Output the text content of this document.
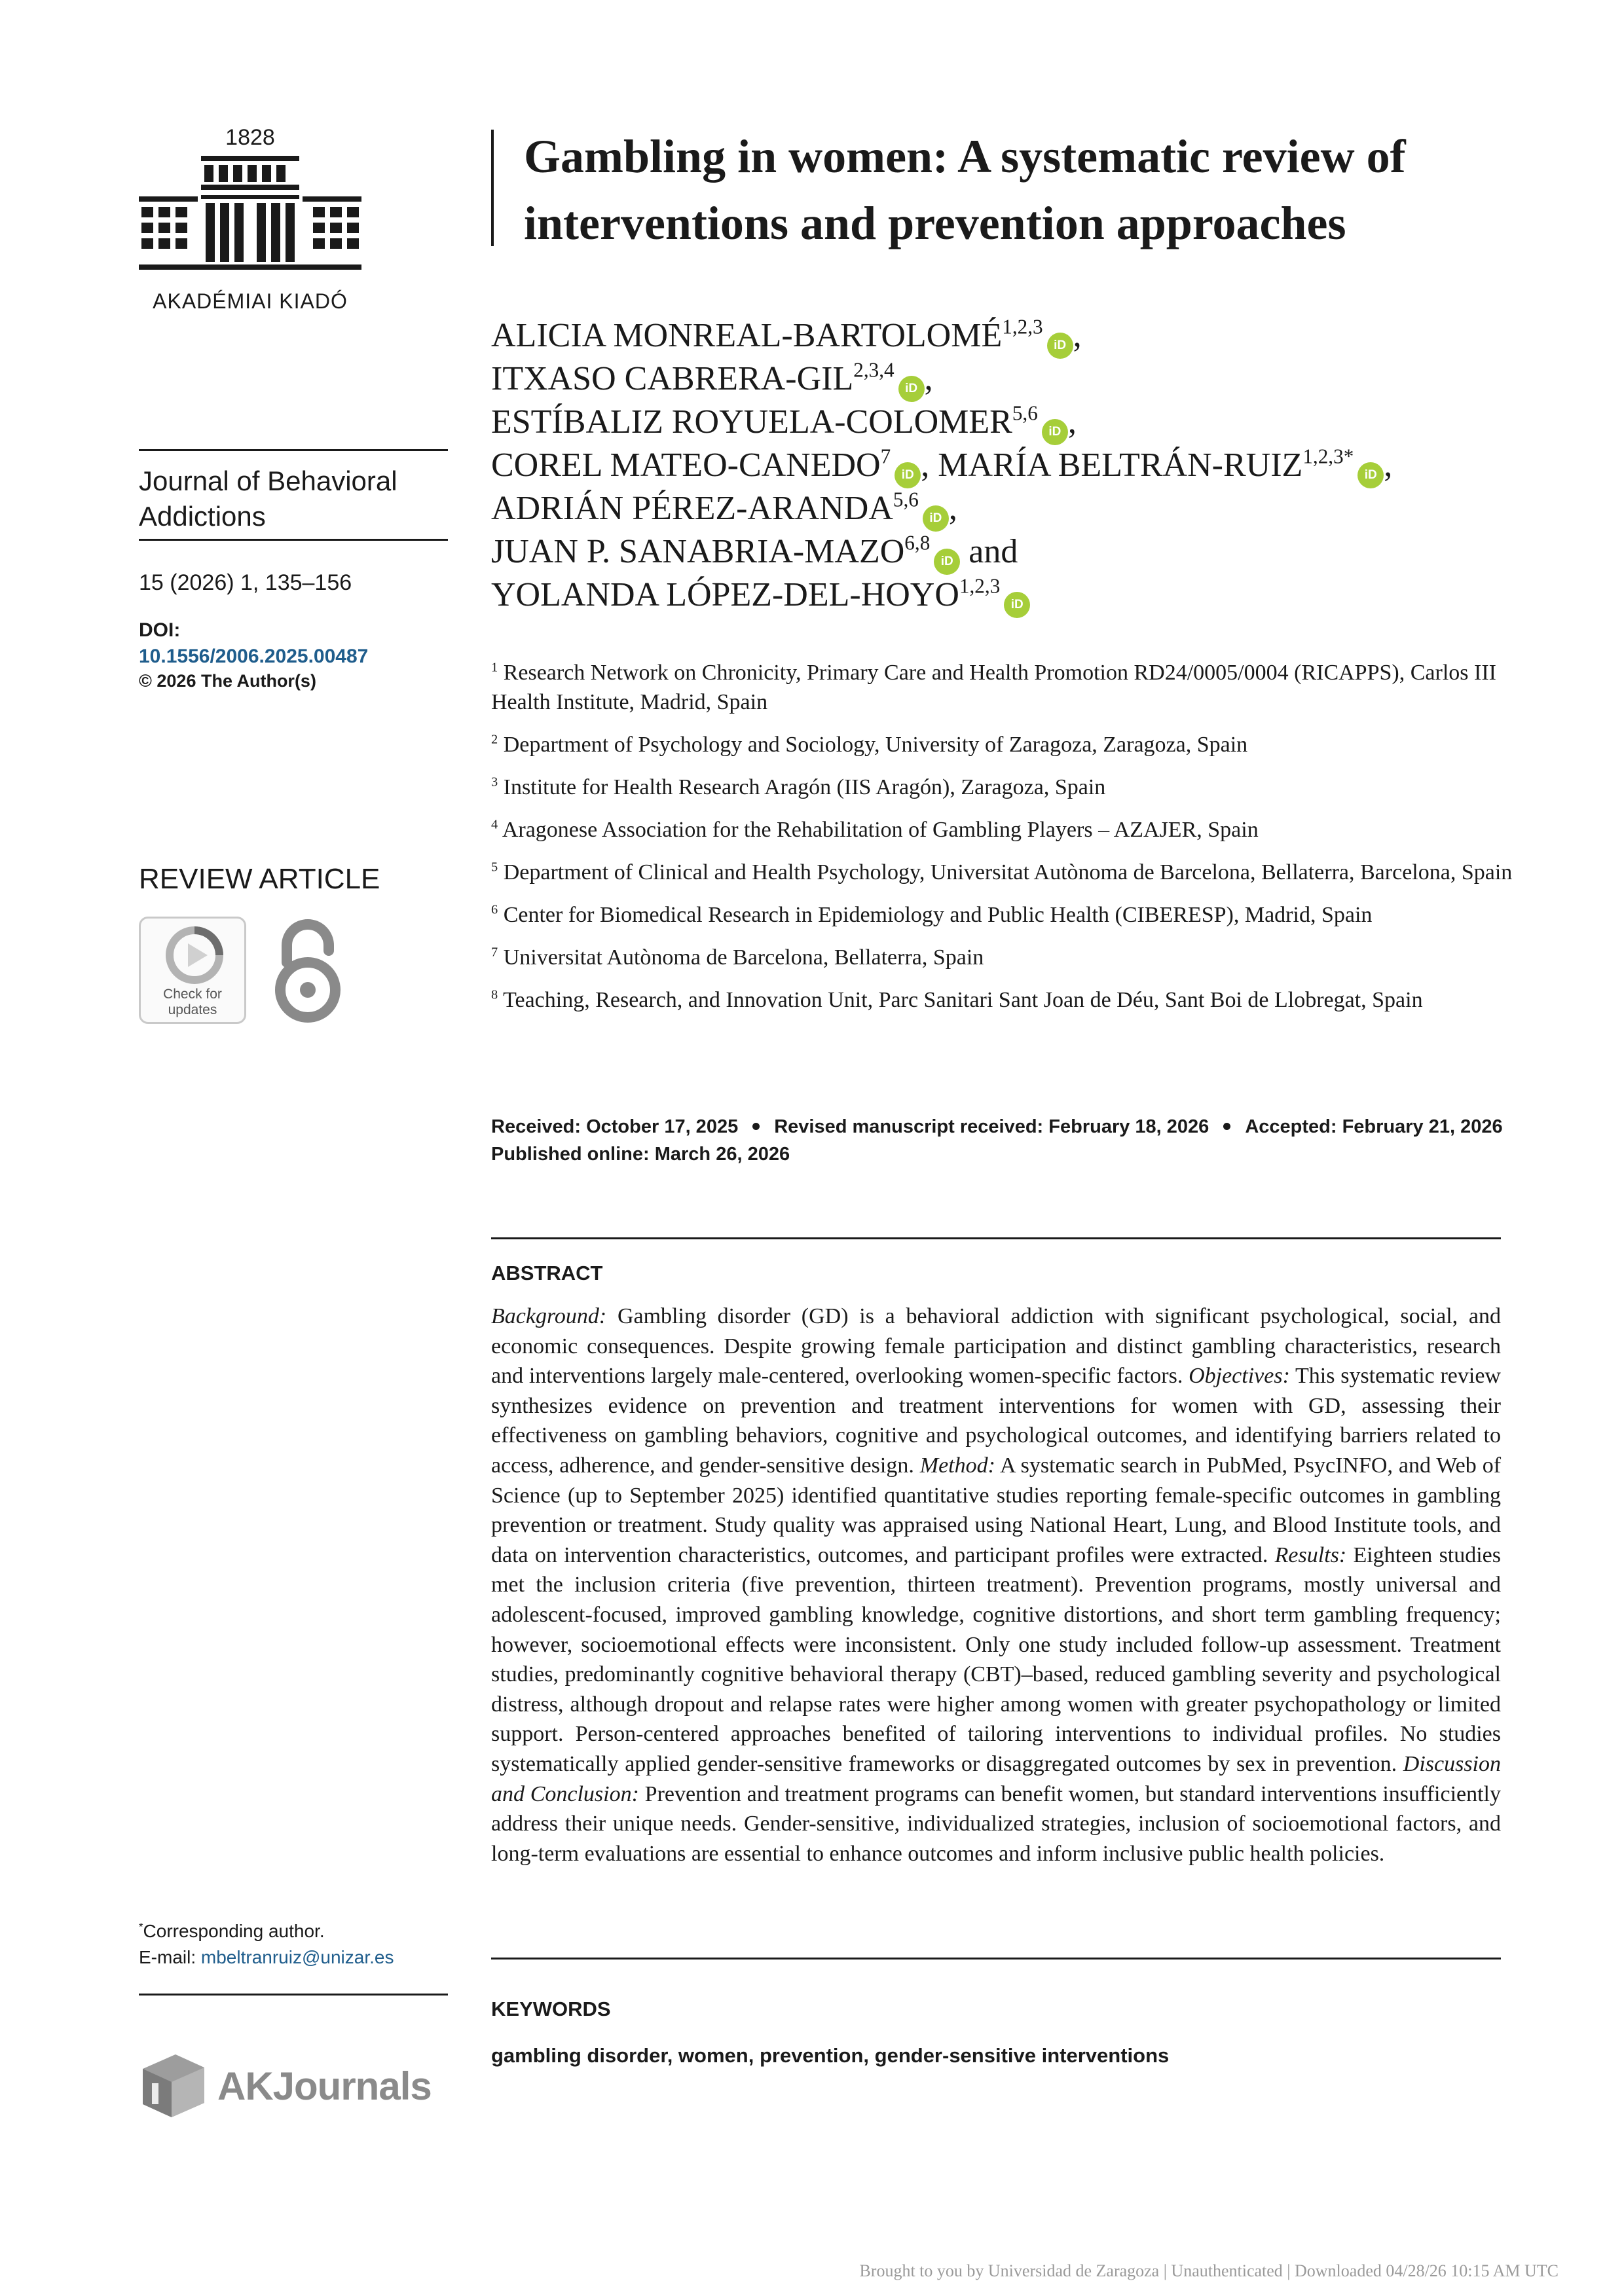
1828
AKADÉMIAI KIADÓ
Journal of Behavioral Addictions
15 (2026) 1, 135–156
DOI:
10.1556/2006.2025.00487
© 2026 The Author(s)
REVIEW ARTICLE
Check for
updates
*Corresponding author.
E-mail: mbeltranruiz@unizar.es
AKJournals
Gambling in women: A systematic review of
interventions and prevention approaches
ALICIA MONREAL-BARTOLOMÉ$^{1,2,3}$iD ,
ITXASO CABRERA-GIL$^{2,3,4}$iD ,
ESTÍBALIZ ROYUELA-COLOMER$^{5,6}$iD ,
COREL MATEO-CANEDO$^7$iD , MARÍA BELTRÁN-$RUIZ^{1,2,3*}iD$ ,
ADRIÁN PÉREZ-ARANDA$^{5,6}$iD ,
JUAN P. SANABRIA-MAZO$^{6,8}$iD and
YOLANDA LÓPEZ-DEL-HOYO$^{1,2,3}$iD
$^1$ Research Network on Chronicity, Primary Care and Health Promotion RD24/0005/0004 (RICAPPS), Carlos III Health Institute, Madrid, Spain
$^2$ Department of Psychology and Sociology, University of Zaragoza, Zaragoza, Spain
$^3$ Institute for Health Research Aragón (IIS Aragón), Zaragoza, Spain
$^4$ Aragonese Association for the Rehabilitation of Gambling Players – AZAJER, Spain
$^5$ Department of Clinical and Health Psychology, Universitat Autònoma de Barcelona, Bellaterra, Barcelona, Spain
$^6$ Center for Biomedical Research in Epidemiology and Public Health (CIBERESP), Madrid, Spain
$^7$ Universitat Autònoma de Barcelona, Bellaterra, Spain
$^8$ Teaching, Research, and Innovation Unit, Parc Sanitari Sant Joan de Déu, Sant Boi de Llobregat, Spain
Received: October 17, 2025 Revised manuscript received: February 18, 2026 Accepted: February 21, 2026
Published online: March 26, 2026
ABSTRACT
Background: Gambling disorder (GD) is a behavioral addiction with significant psychological, social, and economic consequences. Despite growing female participation and distinct gambling characteristics, research and interventions largely male-centered, overlooking women-specific factors. Objectives: This systematic review synthesizes evidence on prevention and treatment interventions for women with GD, assessing their effectiveness on gambling behaviors, cognitive and psychological outcomes, and identifying barriers related to access, adherence, and gender-sensitive design. Method: A systematic search in PubMed, PsycINFO, and Web of Science (up to September 2025) identified quantitative studies reporting female-specific outcomes in gambling prevention or treatment. Study quality was appraised using National Heart, Lung, and Blood Institute tools, and data on intervention characteristics, outcomes, and participant profiles were extracted. Results: Eighteen studies met the inclusion criteria (five prevention, thirteen treatment). Prevention programs, mostly universal and adolescent-focused, improved gambling knowledge, cognitive distortions, and short term gambling frequency; however, socioemotional effects were inconsistent. Only one study included follow-up assessment. Treatment studies, predominantly cognitive behavioral therapy (CBT)–based, reduced gambling severity and psychological distress, although dropout and relapse rates were higher among women with greater psychopathology or limited support. Person-centered approaches benefited of tailoring interventions to individual profiles. No studies systematically applied gender-sensitive frameworks or disaggregated outcomes by sex in prevention. Discussion and Conclusion: Prevention and treatment programs can benefit women, but standard interventions insufficiently address their unique needs. Gender-sensitive, individualized strategies, inclusion of socioemotional factors, and long-term evaluations are essential to enhance outcomes and inform inclusive public health policies.
KEYWORDS
gambling disorder, women, prevention, gender-sensitive interventions
Brought to you by Universidad de Zaragoza | Unauthenticated | Downloaded 04/28/26 10:15 AM UTC
